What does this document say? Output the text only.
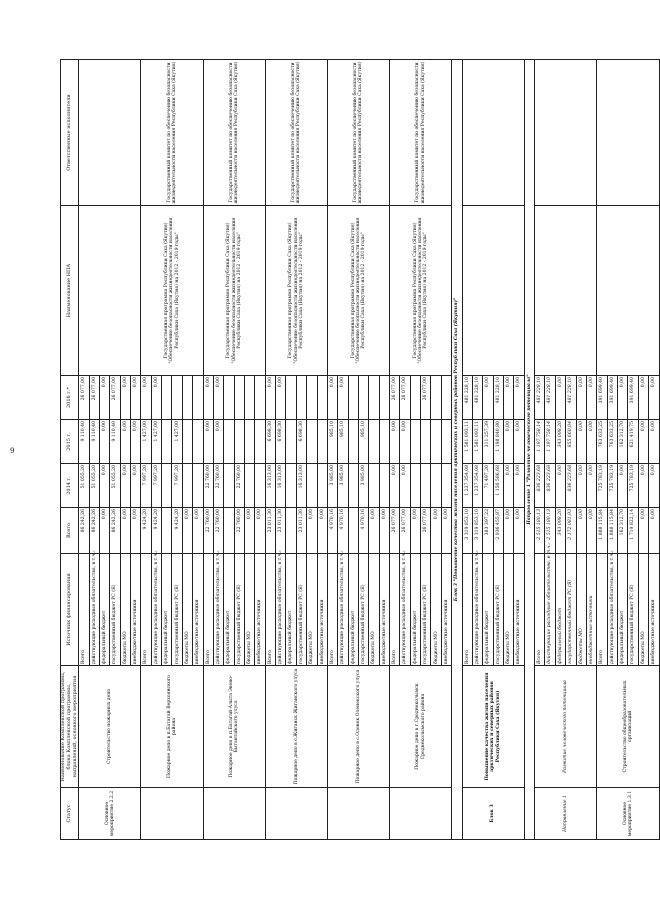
9
Статус	Наименование Комплексной программы, блока Комплексной программы, направлений, основного мероприятия	Источник финансирования	Всего	2014 г.	2015 г.	2016 г.*	Наименование НПА	Ответственные исполнители
Основное мероприятие 2.2.2	Строительство пожарных депо	Всего	86 242,26	51 055,20	9 110,40	26 077,00		
		действующие расходные обязательства, в т.ч.:	86 242,26	51 055,20	9 110,40	26 077,00		
		федеральный бюджет	0,00	0,00	0,00	0,00		
		государственный бюджет РС (Я)	86 242,26	51 055,20	9 110,40	26 077,00		
		бюджеты МО	0,00	0,00	0,00	0,00		
		внебюджетные источники	0,00	0,00	0,00	0,00		
	Пожарное депо в п.Батагай Верхоянского района	Всего	9 424,20	7 997,20	1 427,00	0,00	Государственная программа Республики Саха (Якутия) "Обеспечение безопасности жизнедеятельности населения Республики Саха (Якутия) на 2012 - 2019 годы"	Государственный комитет по обеспечению безопасности жизнедеятельности населения Республики Саха (Якутия)
		действующие расходные обязательства, в т.ч.:	9 424,20	7 997,20	1 427,00	0,00		
		федеральный бюджет						
		государственный бюджет РС (Я)	9 424,20	7 997,20	1 427,00			
		бюджеты МО	0,00					
		внебюджетные источники	0,00					
	Пожарное депо в п.Батагай-Алыта Эвено-Бытантайского улуса	Всего	22 760,00	22 760,00	0,00	0,00	Государственная программа Республики Саха (Якутия) "Обеспечение безопасности жизнедеятельности населения Республики Саха (Якутия) на 2012 - 2019 годы"	Государственный комитет по обеспечению безопасности жизнедеятельности населения Республики Саха (Якутия)
		действующие расходные обязательства, в т.ч.:	22 760,00	22 760,00	0,00	0,00		
		федеральный бюджет						
		государственный бюджет РС (Я)	22 760,00	22 760,00				
		бюджеты МО	0,00					
		внебюджетные источники	0,00					
	Пожарное депо в с.Жиганск Жиганского улуса	Всего	23 011,30	16 313,00	6 698,30	0,00	Государственная программа Республики Саха (Якутия) "Обеспечение безопасности жизнедеятельности населения Республики Саха (Якутия) на 2012 - 2019 годы"	Государственный комитет по обеспечению безопасности жизнедеятельности населения Республики Саха (Якутия)
		действующие расходные обязательства, в т.ч.:	23 011,30	16 313,00	6 698,30	0,00		
		федеральный бюджет						
		государственный бюджет РС (Я)	23 011,30	16 313,00	6 698,30			
		бюджеты МО	0,00					
		внебюджетные источники	0,00					
	Пожарное депо в с.Оленек Оленекского улуса	Всего	4 970,16	3 985,00	985,10	0,00	Государственная программа Республики Саха (Якутия) "Обеспечение безопасности жизнедеятельности населения Республики Саха (Якутия) на 2012 - 2019 годы"	Государственный комитет по обеспечению безопасности жизнедеятельности населения Республики Саха (Якутия)
		действующие расходные обязательства, в т.ч.:	4 970,16	3 985,00	985,10	0,00		
		федеральный бюджет						
		государственный бюджет РС (Я)	4 970,16	3 985,00	985,10			
		бюджеты МО	0,00					
		внебюджетные источники	0,00					
	Пожарное депо в г.Среднеколымск Среднеколымского района	Всего	26 077,00	0,00	0,00	26 077,00	Государственная программа Республики Саха (Якутия) "Обеспечение безопасности жизнедеятельности населения Республики Саха (Якутия) на 2012 - 2019 годы"	Государственный комитет по обеспечению безопасности жизнедеятельности населения Республики Саха (Якутия)
		действующие расходные обязательства, в т.ч.:	26 077,00	0,00	0,00	26 077,00		
		федеральный бюджет	0,00					
		государственный бюджет РС (Я)	26 077,00			26 077,00		
		бюджеты МО	0,00					
		внебюджетные источники	0,00					
Блок 3 "Повышение качества жизни населения арктических и северных районов Республики Саха (Якутия)"								
Блок 3	Повышение качества жизни населения арктических и северных районов Республики Саха (Якутия)	Всего	3 319 853,10	1 237 354,08	1 581 093,11	481 228,10		
		действующие расходные обязательства, в т.ч.:	3 319 853,10	1 237 354,08	1 581 093,11	481 228,10		
		федеральный бюджет	383 397,22	71 497,20	311 257,39	0,00		
		государственный бюджет РС (Я)	2 936 455,87	1 156 586,68	1 198 840,80	481 228,10		
		бюджеты МО	0,00	0,00	0,00	0,00		
		внебюджетные источники	0,00	0,00	0,00	0,00		
Направление 1 "Развитие человеческого потенциала"								
Направление 1	Развитие человеческого потенциала	Всего	2 515 180,13	836 223,68	1 197 758,14	481 228,10		
		действующие расходные обязательства, в т.ч.:	2 515 180,13	836 223,68	1 197 758,14	481 228,10		
		федеральный бюджет	343 098,20	0,00	343 098,20	0,00		
		государственный бюджет РС (Я)	2 172 081,93	836 223,68	855 660,04	481 228,10		
		бюджеты МО	0,00	0,00	0,00	0,00		
		внебюджетные источники	0,00	0,00	0,00	0,00		
Основное мероприятие 1.3.1	Строительство общеобразовательных организаций	Всего	1 888 115,84	725 783,19	763 633,25	391 699,40		
		действующие расходные обязательства, в т.ч.:	1 888 115,84	725 783,19	763 633,25	391 699,40		
		федеральный бюджет	162 312,70	0,00	162 312,70	0,00		
		государственный бюджет РС (Я)	1 719 822,14	725 783,19	621 419,75	391 699,40		
		бюджеты МО	0,00	0,00	0,00	0,00		
		внебюджетные источники	0,00	0,00	0,00	0,00		
